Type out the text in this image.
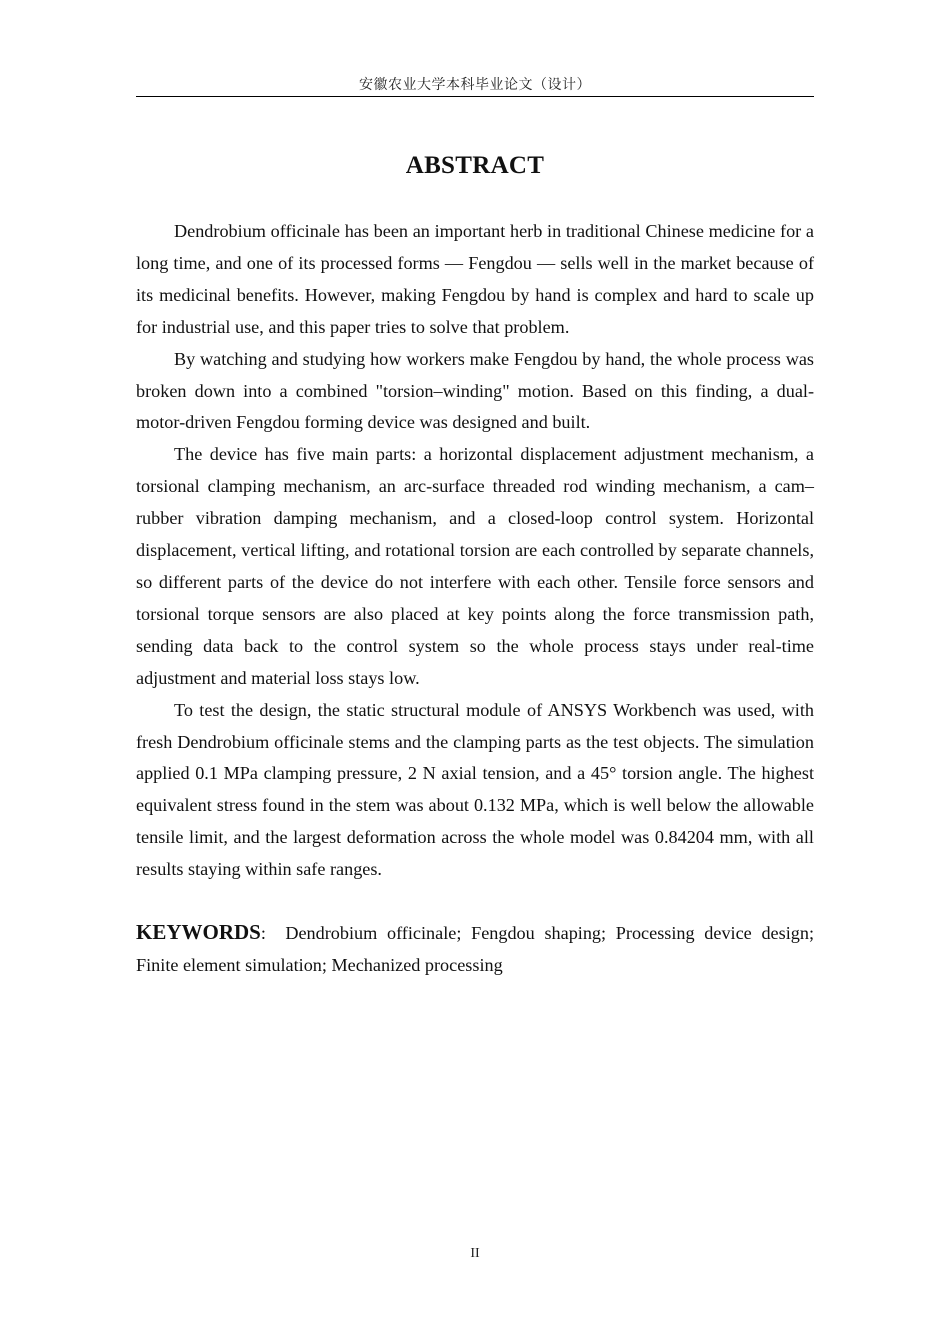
安徽农业大学本科毕业论文（设计）
ABSTRACT

Dendrobium officinale has been an important herb in traditional Chinese medicine for a long time, and one of its processed forms — Fengdou — sells well in the market because of its medicinal benefits. However, making Fengdou by hand is complex and hard to scale up for industrial use, and this paper tries to solve that problem.

By watching and studying how workers make Fengdou by hand, the whole process was broken down into a combined "torsion–winding" motion. Based on this finding, a dual-motor-driven Fengdou forming device was designed and built.

The device has five main parts: a horizontal displacement adjustment mechanism, a torsional clamping mechanism, an arc-surface threaded rod winding mechanism, a cam–rubber vibration damping mechanism, and a closed-loop control system. Horizontal displacement, vertical lifting, and rotational torsion are each controlled by separate channels, so different parts of the device do not interfere with each other. Tensile force sensors and torsional torque sensors are also placed at key points along the force transmission path, sending data back to the control system so the whole process stays under real-time adjustment and material loss stays low.

To test the design, the static structural module of ANSYS Workbench was used, with fresh Dendrobium officinale stems and the clamping parts as the test objects. The simulation applied 0.1 MPa clamping pressure, 2 N axial tension, and a 45° torsion angle. The highest equivalent stress found in the stem was about 0.132 MPa, which is well below the allowable tensile limit, and the largest deformation across the whole model was 0.84204 mm, with all results staying within safe ranges.

KEYWORDS: Dendrobium officinale; Fengdou shaping; Processing device design; Finite element simulation; Mechanized processing
II
